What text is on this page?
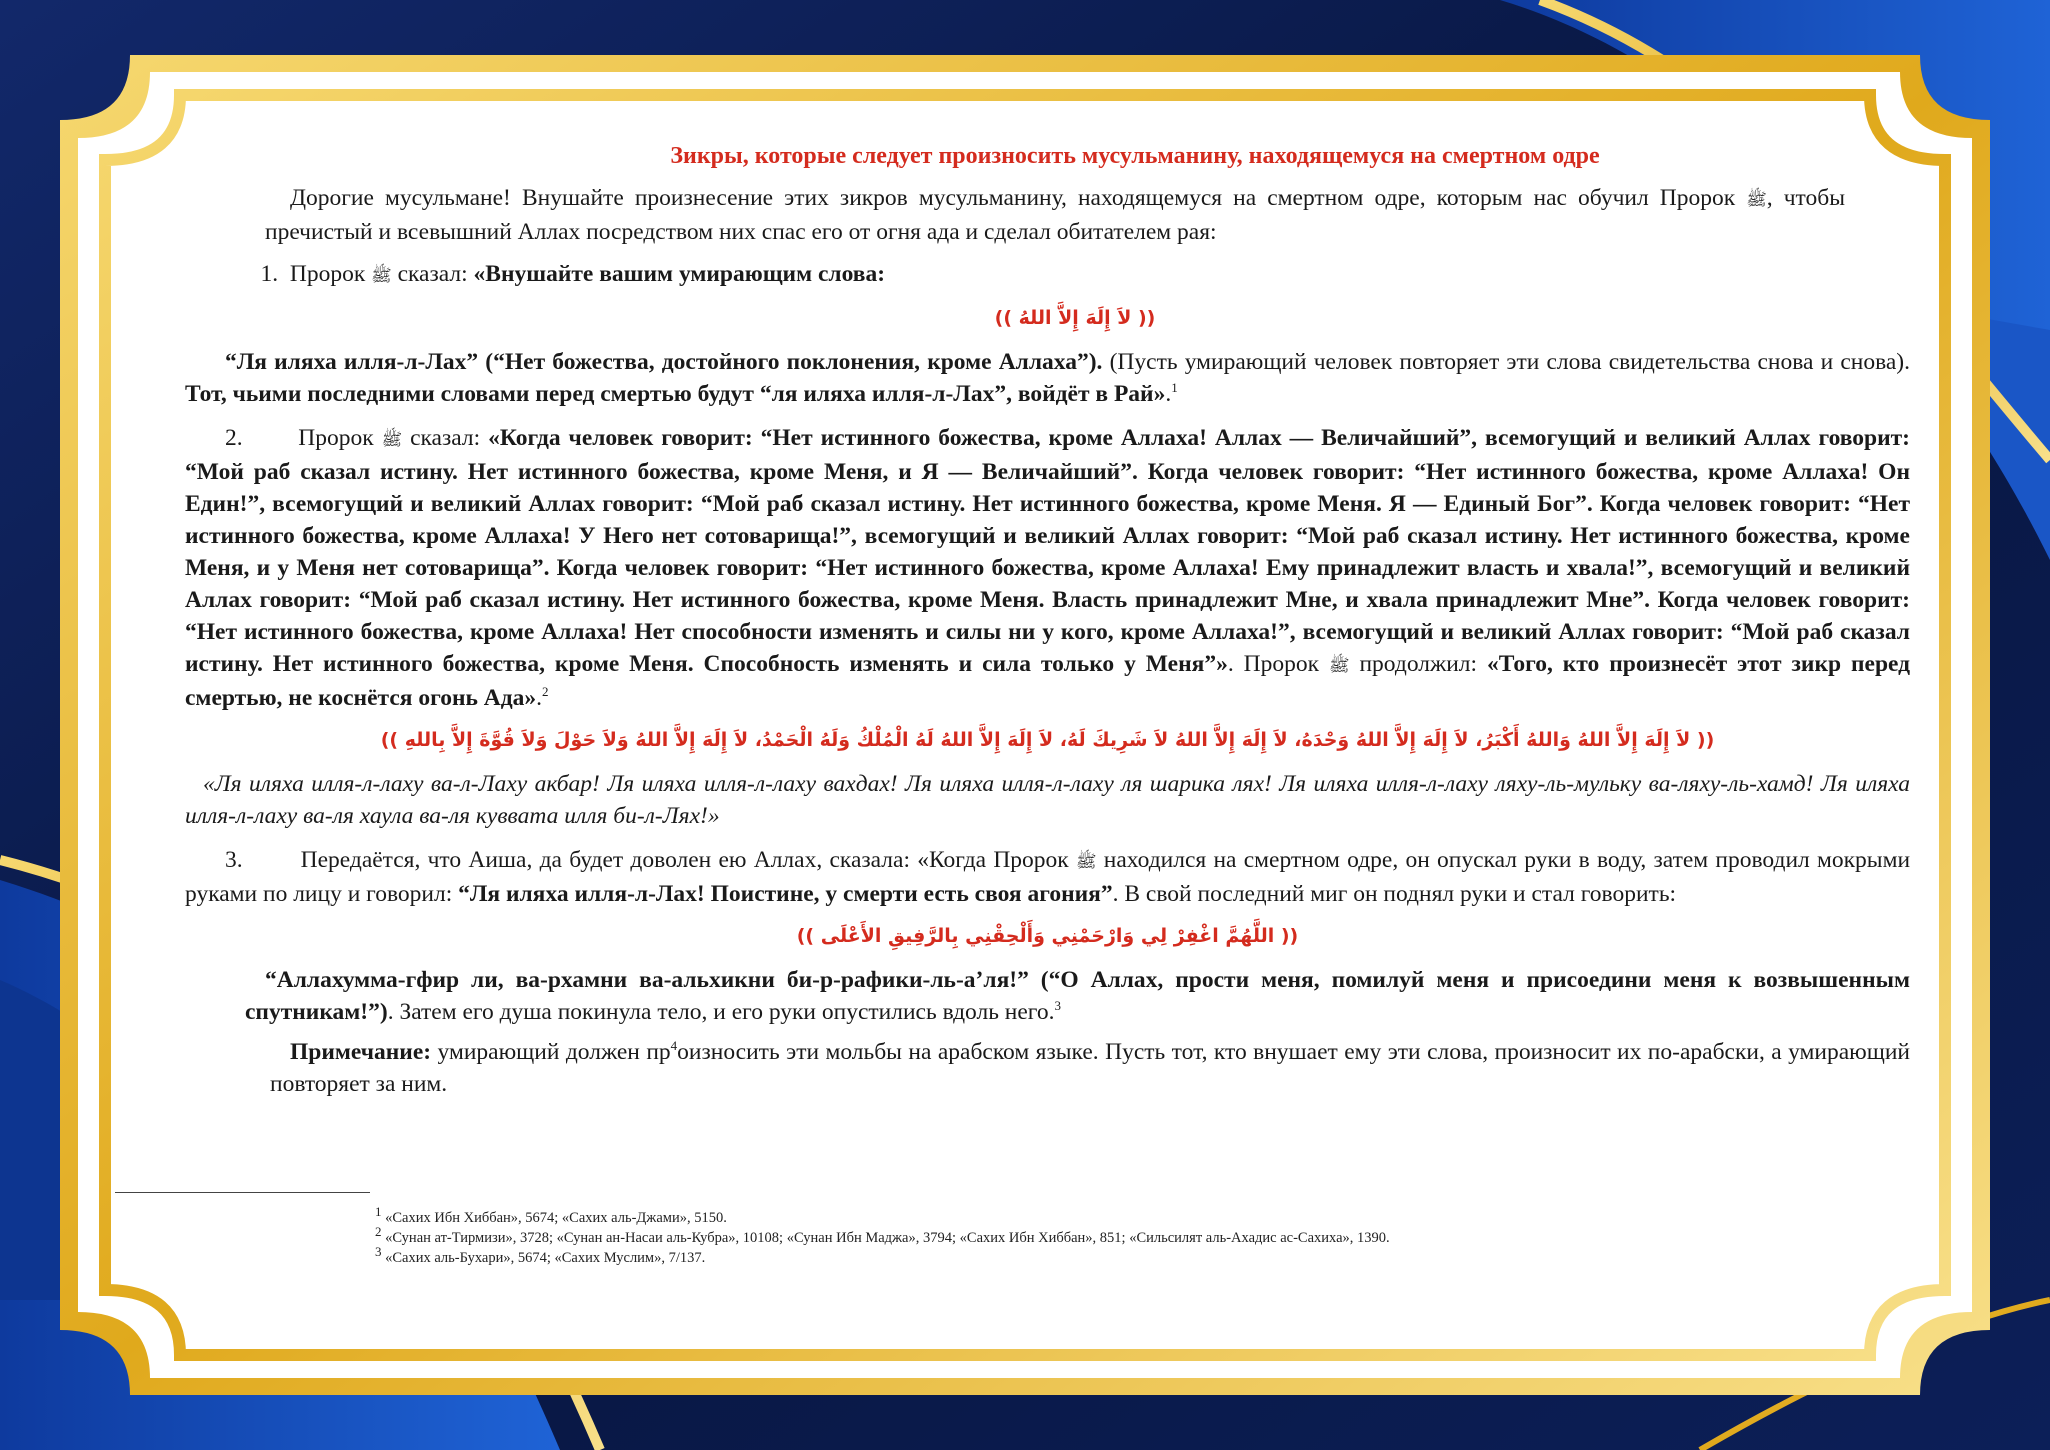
Зикры, которые следует произносить мусульманину, находящемуся на смертном одре

Дорогие мусульмане! Внушайте произнесение этих зикров мусульманину, находящемуся на смертном одре, которым нас обучил Пророк ﷺ, чтобы пречистый и всевышний Аллах посредством них спас его от огня ада и сделал обитателем рая:

1. Пророк ﷺ сказал: «Внушайте вашим умирающим слова:

(( لاَ إِلَهَ إِلاَّ اللهُ ))

“Ля иляха илля-л-Лах” (“Нет божества, достойного поклонения, кроме Аллаха”). (Пусть умирающий человек повторяет эти слова свидетельства снова и снова). Тот, чьими последними словами перед смертью будут “ля иляха илля-л-Лах”, войдёт в Рай».$^1$

2. Пророк ﷺ сказал: «Когда человек говорит: “Нет истинного божества, кроме Аллаха! Аллах — Величайший”, всемогущий и великий Аллах говорит: “Мой раб сказал истину. Нет истинного божества, кроме Меня, и Я — Величайший”. Когда человек говорит: “Нет истинного божества, кроме Аллаха! Он Един!”, всемогущий и великий Аллах говорит: “Мой раб сказал истину. Нет истинного божества, кроме Меня. Я — Единый Бог”. Когда человек говорит: “Нет истинного божества, кроме Аллаха! У Него нет сотоварища!”, всемогущий и великий Аллах говорит: “Мой раб сказал истину. Нет истинного божества, кроме Меня, и у Меня нет сотоварища”. Когда человек говорит: “Нет истинного божества, кроме Аллаха! Ему принадлежит власть и хвала!”, всемогущий и великий Аллах говорит: “Мой раб сказал истину. Нет истинного божества, кроме Меня. Власть принадлежит Мне, и хвала принадлежит Мне”. Когда человек говорит: “Нет истинного божества, кроме Аллаха! Нет способности изменять и силы ни у кого, кроме Аллаха!”, всемогущий и великий Аллах говорит: “Мой раб сказал истину. Нет истинного божества, кроме Меня. Способность изменять и сила только у Меня”». Пророк ﷺ продолжил: «Того, кто произнесёт этот зикр перед смертью, не коснётся огонь Ада».$^2$

(( لاَ إِلَهَ إِلاَّ اللهُ وَاللهُ أَكْبَرُ، لاَ إِلَهَ إِلاَّ اللهُ وَحْدَهُ، لاَ إِلَهَ إِلاَّ اللهُ لاَ شَرِيكَ لَهُ، لاَ إِلَهَ إِلاَّ اللهُ لَهُ الْمُلْكُ وَلَهُ الْحَمْدُ، لاَ إِلَهَ إِلاَّ اللهُ وَلاَ حَوْلَ وَلاَ قُوَّةَ إِلاَّ بِاللهِ ))

«Ля иляха илля-л-лаху ва-л-Лаху акбар! Ля иляха илля-л-лаху вахдах! Ля иляха илля-л-лаху ля шарика лях! Ля иляха илля-л-лаху ляху-ль-мульку ва-ляху-ль-хамд! Ля иляха илля-л-лаху ва-ля хаула ва-ля куввата илля би-л-Лях!»

3. Передаётся, что Аиша, да будет доволен ею Аллах, сказала: «Когда Пророк ﷺ находился на смертном одре, он опускал руки в воду, затем проводил мокрыми руками по лицу и говорил: “Ля иляха илля-л-Лах! Поистине, у смерти есть своя агония”. В свой последний миг он поднял руки и стал говорить:

(( اللَّهُمَّ اغْفِرْ لِي وَارْحَمْنِي وَأَلْحِقْنِي بِالرَّفِيقِ الأَعْلَى ))

“Аллахумма-гфир ли, ва-рхамни ва-альхикни би-р-рафики-ль-а’ля!” (“О Аллах, прости меня, помилуй меня и присоедини меня к возвышенным спутникам!”). Затем его душа покинула тело, и его руки опустились вдоль него.$^3$

Примечание: умирающий должен $пр^4оизносить$ эти мольбы на арабском языке. Пусть тот, кто внушает ему эти слова, произносит их по-арабски, а умирающий повторяет за ним.

$^1$ «Сахих Ибн Хиббан», 5674; «Сахих аль-Джами», 5150.
$^2$ «Сунан ат-Тирмизи», 3728; «Сунан ан-Насаи аль-Кубра», 10108; «Сунан Ибн Маджа», 3794; «Сахих Ибн Хиббан», 851; «Сильсилят аль-Ахадис ас-Сахиха», 1390.
$^3$ «Сахих аль-Бухари», 5674; «Сахих Муслим», 7/137.
